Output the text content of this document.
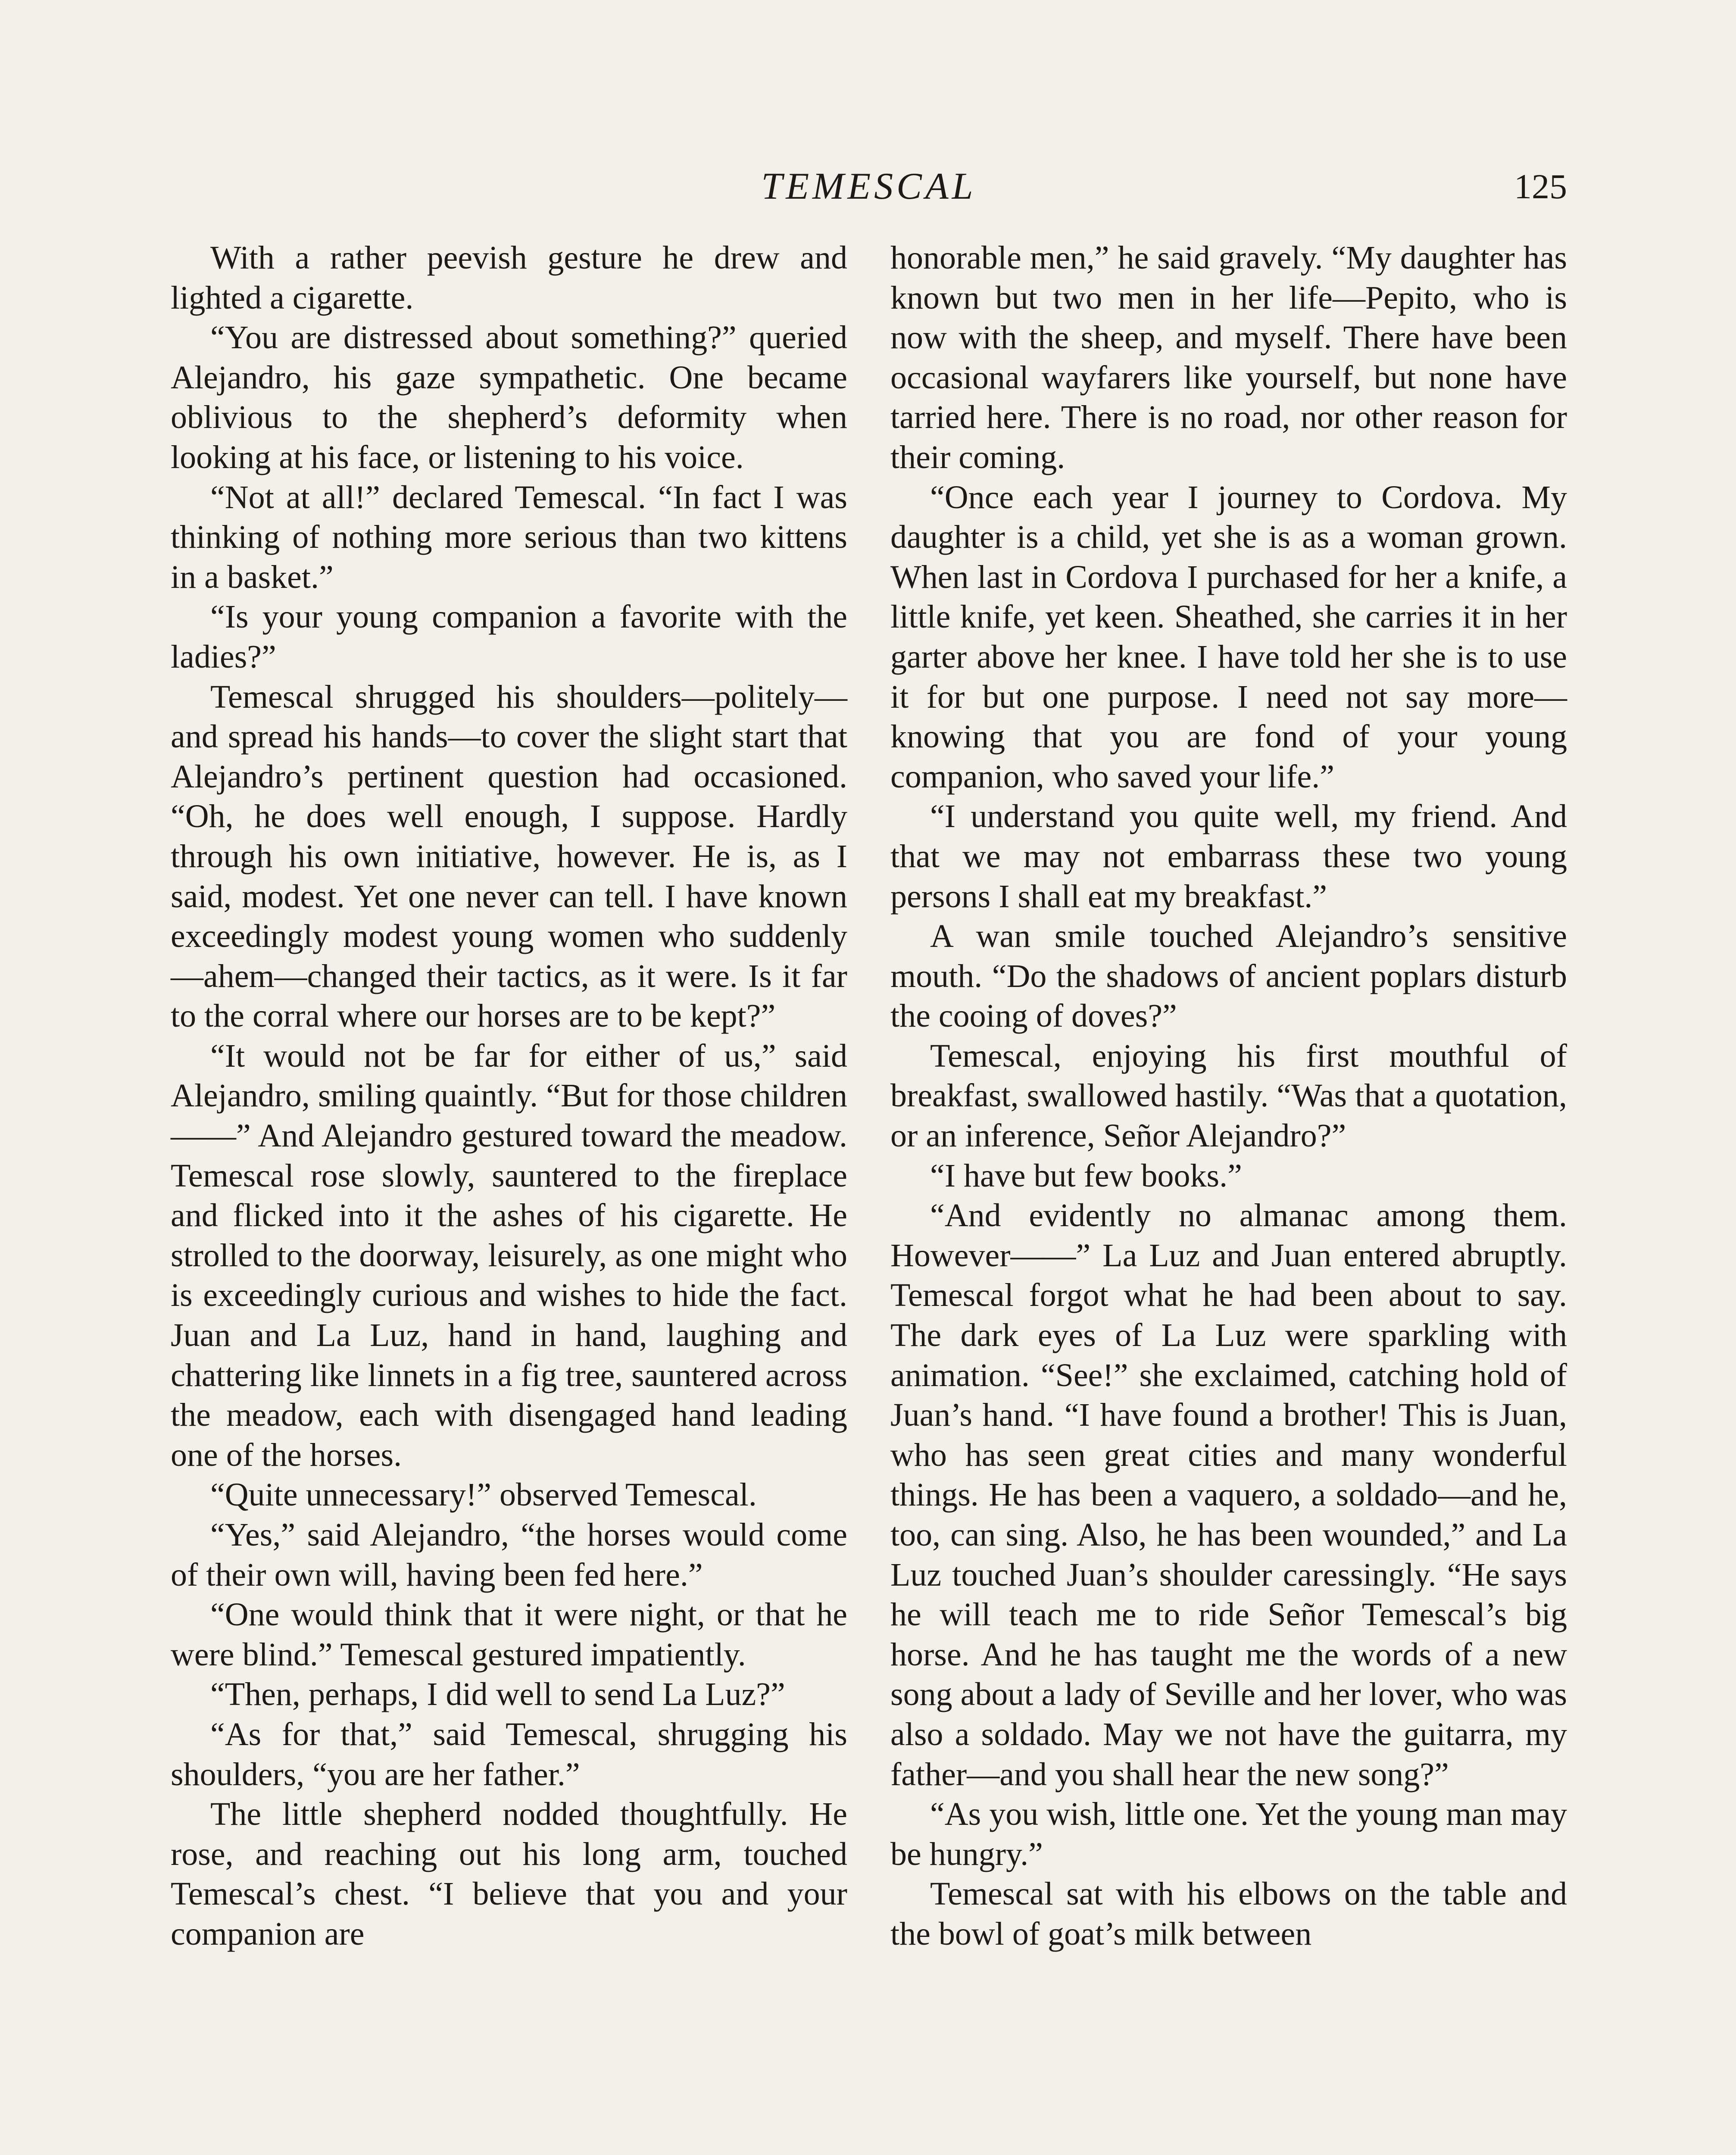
TEMESCAL	125

With a rather peevish gesture he drew and lighted a cigarette.

“You are distressed about something?” queried Alejandro, his gaze sympathetic. One became oblivious to the shepherd’s deformity when looking at his face, or listening to his voice.

“Not at all!” declared Temescal. “In fact I was thinking of nothing more serious than two kittens in a basket.”

“Is your young companion a favorite with the ladies?”

Temescal shrugged his shoulders—politely—and spread his hands—to cover the slight start that Alejandro’s pertinent question had occasioned. “Oh, he does well enough, I suppose. Hardly through his own initiative, however. He is, as I said, modest. Yet one never can tell. I have known exceedingly modest young women who suddenly—ahem—changed their tactics, as it were. Is it far to the corral where our horses are to be kept?”

“It would not be far for either of us,” said Alejandro, smiling quaintly. “But for those children——” And Alejandro gestured toward the meadow. Temescal rose slowly, sauntered to the fireplace and flicked into it the ashes of his cigarette. He strolled to the doorway, leisurely, as one might who is exceedingly curious and wishes to hide the fact. Juan and La Luz, hand in hand, laughing and chattering like linnets in a fig tree, sauntered across the meadow, each with disengaged hand leading one of the horses.

“Quite unnecessary!” observed Temescal.

“Yes,” said Alejandro, “the horses would come of their own will, having been fed here.”

“One would think that it were night, or that he were blind.” Temescal gestured impatiently.

“Then, perhaps, I did well to send La Luz?”

“As for that,” said Temescal, shrugging his shoulders, “you are her father.”

The little shepherd nodded thoughtfully. He rose, and reaching out his long arm, touched Temescal’s chest. “I believe that you and your companion are

honorable men,” he said gravely. “My daughter has known but two men in her life—Pepito, who is now with the sheep, and myself. There have been occasional wayfarers like yourself, but none have tarried here. There is no road, nor other reason for their coming.

“Once each year I journey to Cordova. My daughter is a child, yet she is as a woman grown. When last in Cordova I purchased for her a knife, a little knife, yet keen. Sheathed, she carries it in her garter above her knee. I have told her she is to use it for but one purpose. I need not say more—knowing that you are fond of your young companion, who saved your life.”

“I understand you quite well, my friend. And that we may not embarrass these two young persons I shall eat my breakfast.”

A wan smile touched Alejandro’s sensitive mouth. “Do the shadows of ancient poplars disturb the cooing of doves?”

Temescal, enjoying his first mouthful of breakfast, swallowed hastily. “Was that a quotation, or an inference, Señor Alejandro?”

“I have but few books.”

“And evidently no almanac among them. However——” La Luz and Juan entered abruptly. Temescal forgot what he had been about to say. The dark eyes of La Luz were sparkling with animation. “See!” she exclaimed, catching hold of Juan’s hand. “I have found a brother! This is Juan, who has seen great cities and many wonderful things. He has been a vaquero, a soldado—and he, too, can sing. Also, he has been wounded,” and La Luz touched Juan’s shoulder caressingly. “He says he will teach me to ride Señor Temescal’s big horse. And he has taught me the words of a new song about a lady of Seville and her lover, who was also a soldado. May we not have the guitarra, my father—and you shall hear the new song?”

“As you wish, little one. Yet the young man may be hungry.”

Temescal sat with his elbows on the table and the bowl of goat’s milk between
